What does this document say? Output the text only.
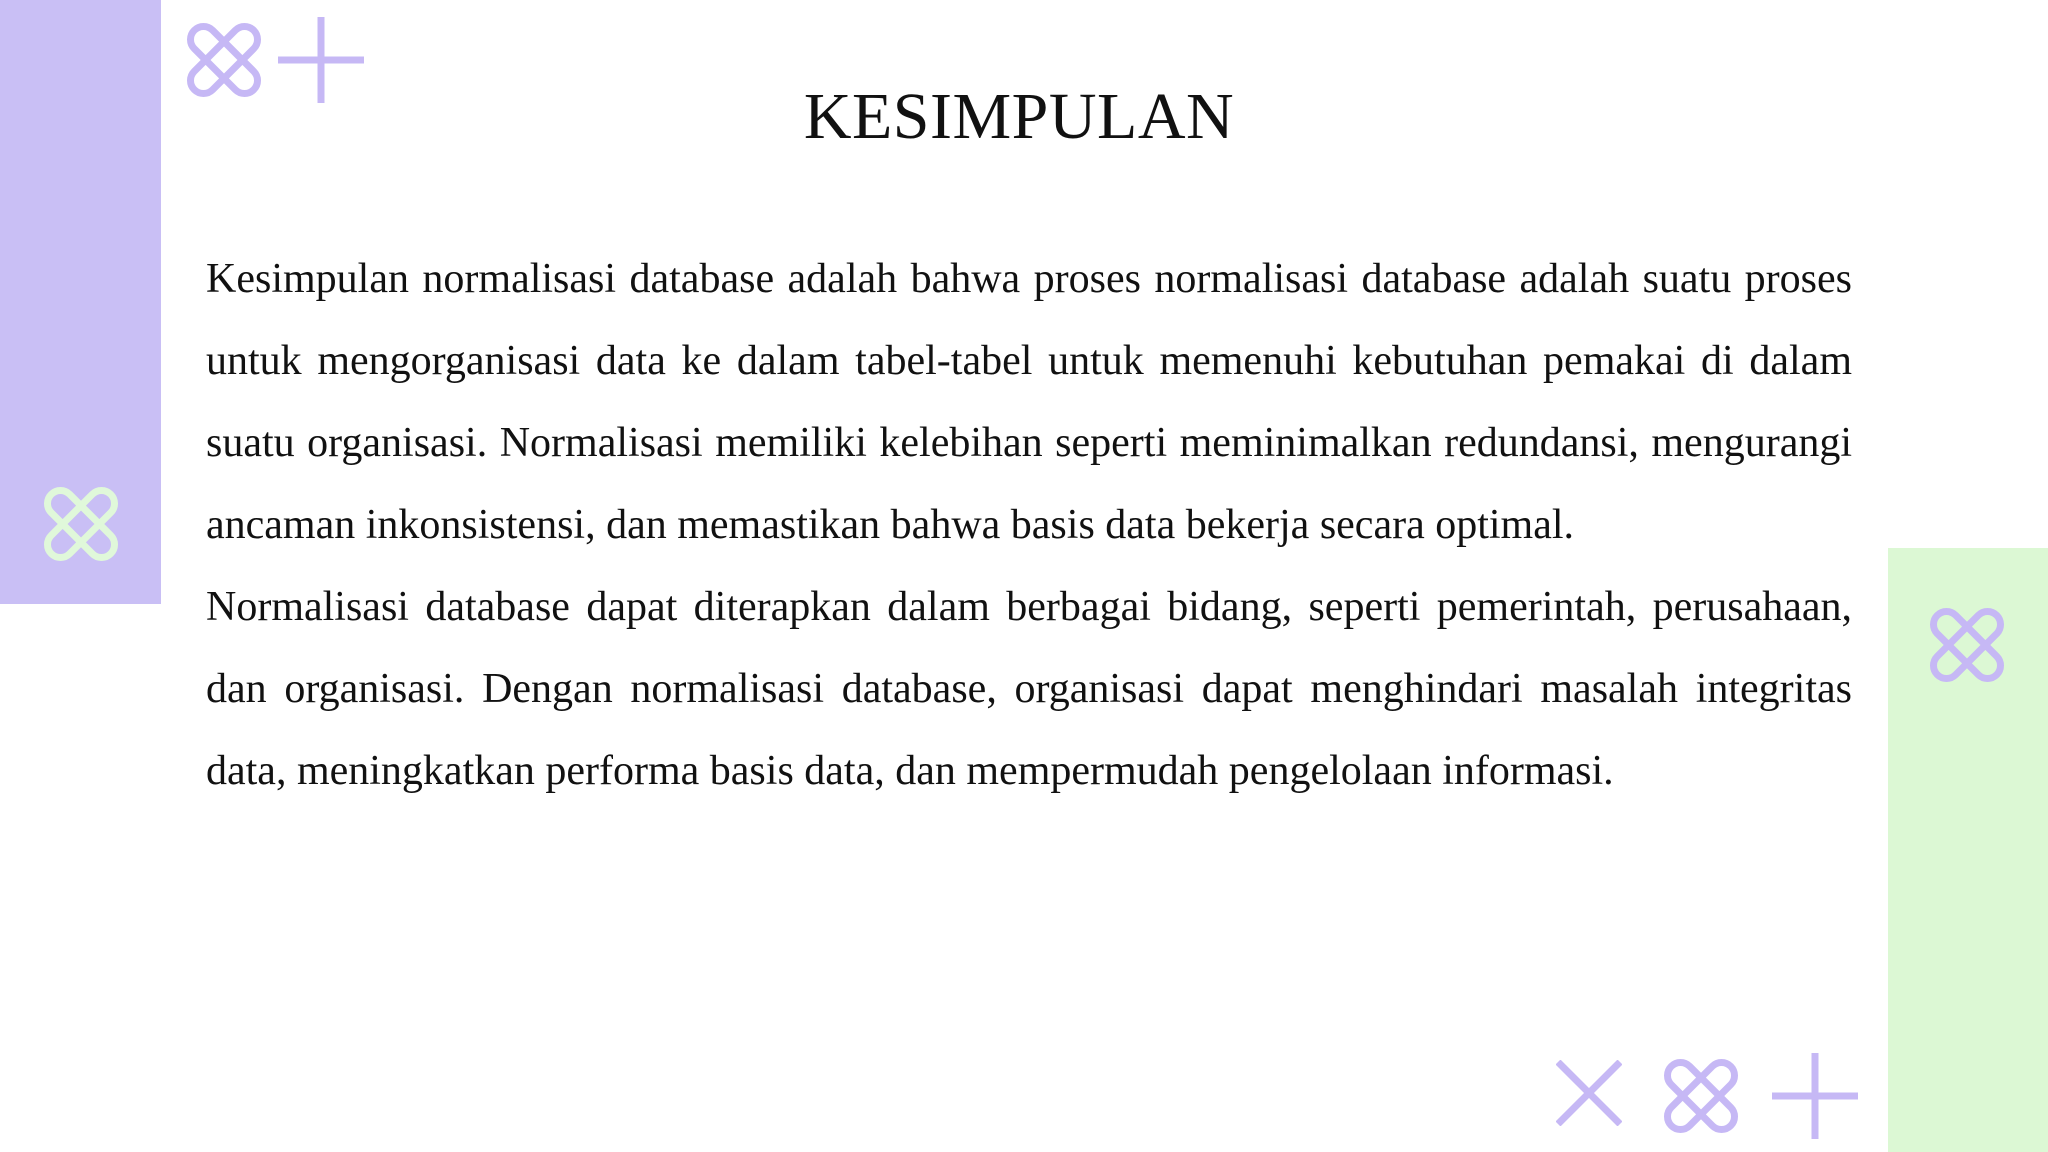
KESIMPULAN

Kesimpulan normalisasi database adalah bahwa proses normalisasi database adalah suatu proses untuk mengorganisasi data ke dalam tabel-tabel untuk memenuhi kebutuhan pemakai di dalam suatu organisasi. Normalisasi memiliki kelebihan seperti meminimalkan redundansi, mengurangi ancaman inkonsistensi, dan memastikan bahwa basis data bekerja secara optimal.

Normalisasi database dapat diterapkan dalam berbagai bidang, seperti pemerintah, perusahaan, dan organisasi. Dengan normalisasi database, organisasi dapat menghindari masalah integritas data, meningkatkan performa basis data, dan mempermudah pengelolaan informasi.
